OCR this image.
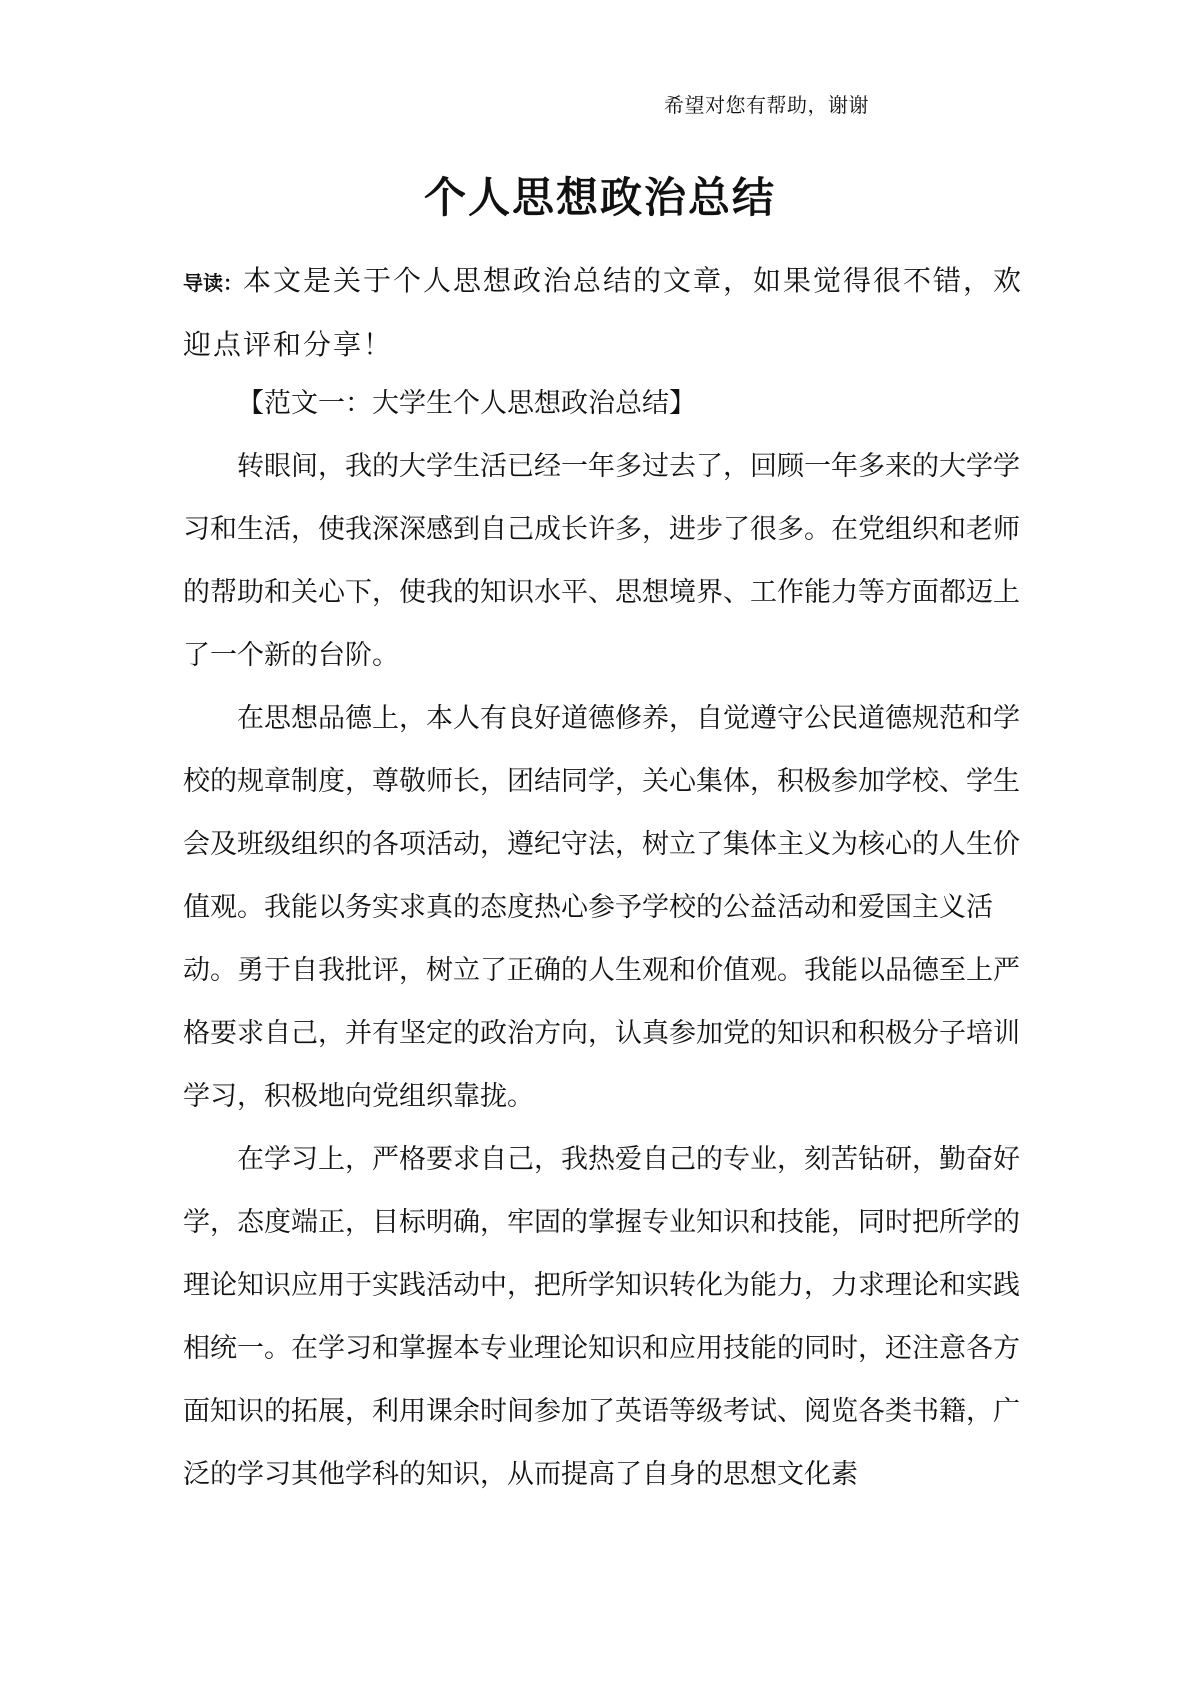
希望对您有帮助，谢谢
个人思想政治总结
导读：本文是关于个人思想政治总结的文章，如果觉得很不错，欢迎点评和分享！

【范文一：大学生个人思想政治总结】

转眼间，我的大学生活已经一年多过去了，回顾一年多来的大学学习和生活，使我深深感到自己成长许多，进步了很多。在党组织和老师的帮助和关心下，使我的知识水平、思想境界、工作能力等方面都迈上了一个新的台阶。

在思想品德上，本人有良好道德修养，自觉遵守公民道德规范和学校的规章制度，尊敬师长，团结同学，关心集体，积极参加学校、学生会及班级组织的各项活动，遵纪守法，树立了集体主义为核心的人生价值观。我能以务实求真的态度热心参予学校的公益活动和爱国主义活动。勇于自我批评，树立了正确的人生观和价值观。我能以品德至上严格要求自己，并有坚定的政治方向，认真参加党的知识和积极分子培训学习，积极地向党组织靠拢。

在学习上，严格要求自己，我热爱自己的专业，刻苦钻研，勤奋好学，态度端正，目标明确，牢固的掌握专业知识和技能，同时把所学的理论知识应用于实践活动中，把所学知识转化为能力，力求理论和实践相统一。在学习和掌握本专业理论知识和应用技能的同时，还注意各方面知识的拓展，利用课余时间参加了英语等级考试、阅览各类书籍，广泛的学习其他学科的知识，从而提高了自身的思想文化素
